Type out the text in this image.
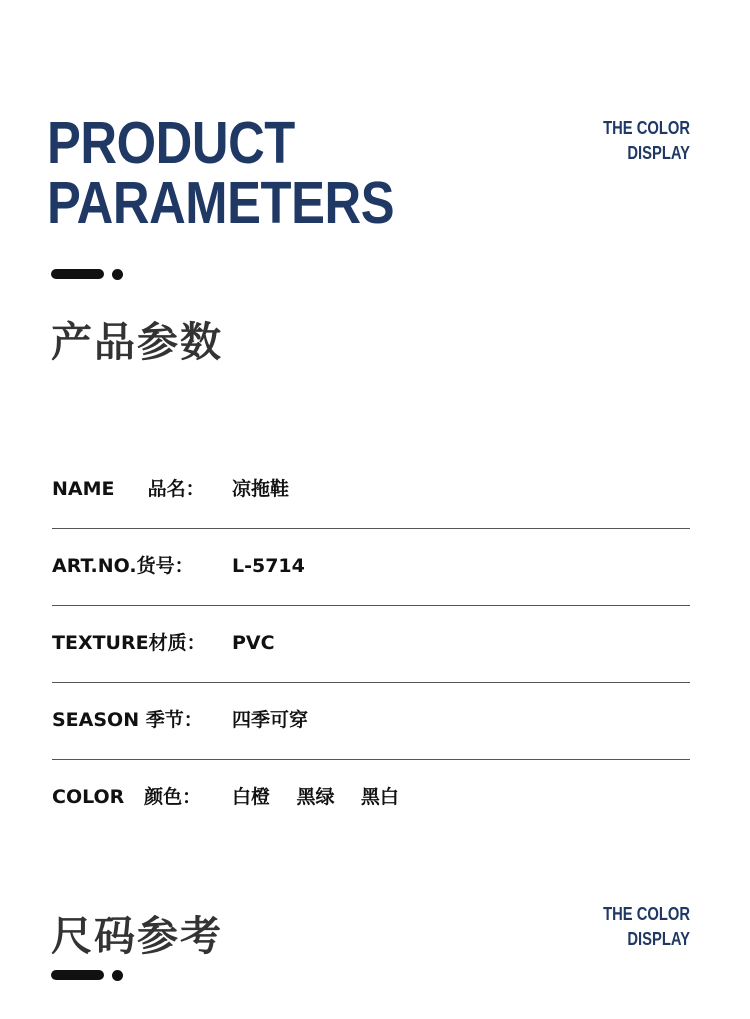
PRODUCT
PARAMETERS
THE COLOR
DISPLAY
产品参数
NAME     品名： 凉拖鞋
ART.NO.货号： L-5714
TEXTURE材质： PVC
SEASON 季节： 四季可穿
COLOR   颜色： 白橙    黑绿    黑白
尺码参考	THE COLOR
DISPLAY
